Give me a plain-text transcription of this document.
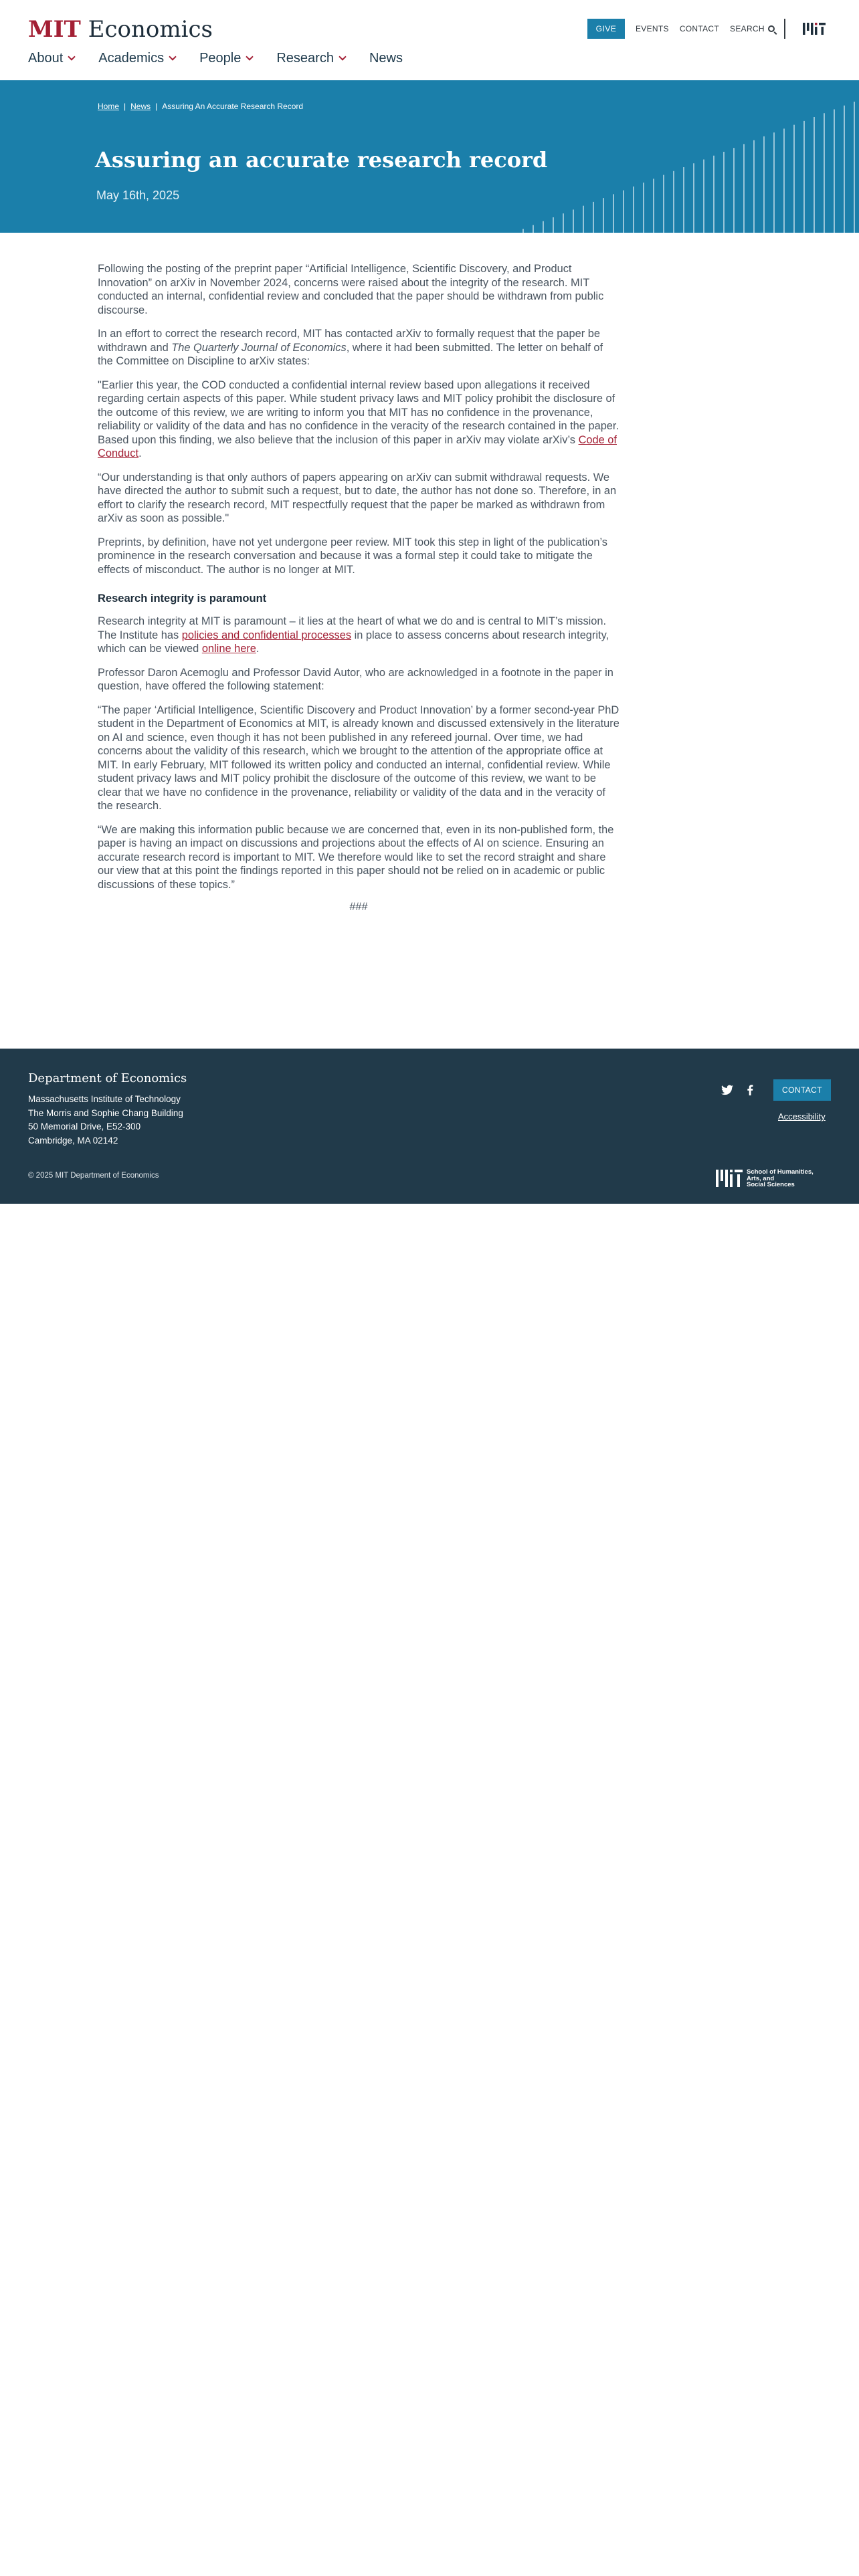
MIT Economics
About	Academics	People	Research	News
GIVE	EVENTS CONTACT SEARCH
Home | News | Assuring An Accurate Research Record
Assuring an accurate research record
May 16th, 2025

Following the posting of the preprint paper “Artificial Intelligence, Scientific Discovery, and Product Innovation” on arXiv in November 2024, concerns were raised about the integrity of the research. MIT conducted an internal, confidential review and concluded that the paper should be withdrawn from public discourse.

In an effort to correct the research record, MIT has contacted arXiv to formally request that the paper be withdrawn and The Quarterly Journal of Economics, where it had been submitted. The letter on behalf of the Committee on Discipline to arXiv states:

"Earlier this year, the COD conducted a confidential internal review based upon allegations it received regarding certain aspects of this paper. While student privacy laws and MIT policy prohibit the disclosure of the outcome of this review, we are writing to inform you that MIT has no confidence in the provenance, reliability or validity of the data and has no confidence in the veracity of the research contained in the paper. Based upon this finding, we also believe that the inclusion of this paper in arXiv may violate arXiv’s Code of Conduct.

“Our understanding is that only authors of papers appearing on arXiv can submit withdrawal requests. We have directed the author to submit such a request, but to date, the author has not done so. Therefore, in an effort to clarify the research record, MIT respectfully request that the paper be marked as withdrawn from arXiv as soon as possible."

Preprints, by definition, have not yet undergone peer review. MIT took this step in light of the publication’s prominence in the research conversation and because it was a formal step it could take to mitigate the effects of misconduct. The author is no longer at MIT.

Research integrity is paramount

Research integrity at MIT is paramount – it lies at the heart of what we do and is central to MIT’s mission. The Institute has policies and confidential processes in place to assess concerns about research integrity, which can be viewed online here.

Professor Daron Acemoglu and Professor David Autor, who are acknowledged in a footnote in the paper in question, have offered the following statement:

“The paper ‘Artificial Intelligence, Scientific Discovery and Product Innovation’ by a former second-year PhD student in the Department of Economics at MIT, is already known and discussed extensively in the literature on AI and science, even though it has not been published in any refereed journal. Over time, we had concerns about the validity of this research, which we brought to the attention of the appropriate office at MIT. In early February, MIT followed its written policy and conducted an internal, confidential review. While student privacy laws and MIT policy prohibit the disclosure of the outcome of this review, we want to be clear that we have no confidence in the provenance, reliability or validity of the data and in the veracity of the research.

“We are making this information public because we are concerned that, even in its non-published form, the paper is having an impact on discussions and projections about the effects of AI on science. Ensuring an accurate research record is important to MIT. We therefore would like to set the record straight and share our view that at this point the findings reported in this paper should not be relied on in academic or public discussions of these topics.”

###

Department of Economics
Massachusetts Institute of Technology
The Morris and Sophie Chang Building
50 Memorial Drive, E52-300
Cambridge, MA 02142
© 2025 MIT Department of Economics
CONTACT
Accessibility
School of Humanities,
Arts, and
Social Sciences
